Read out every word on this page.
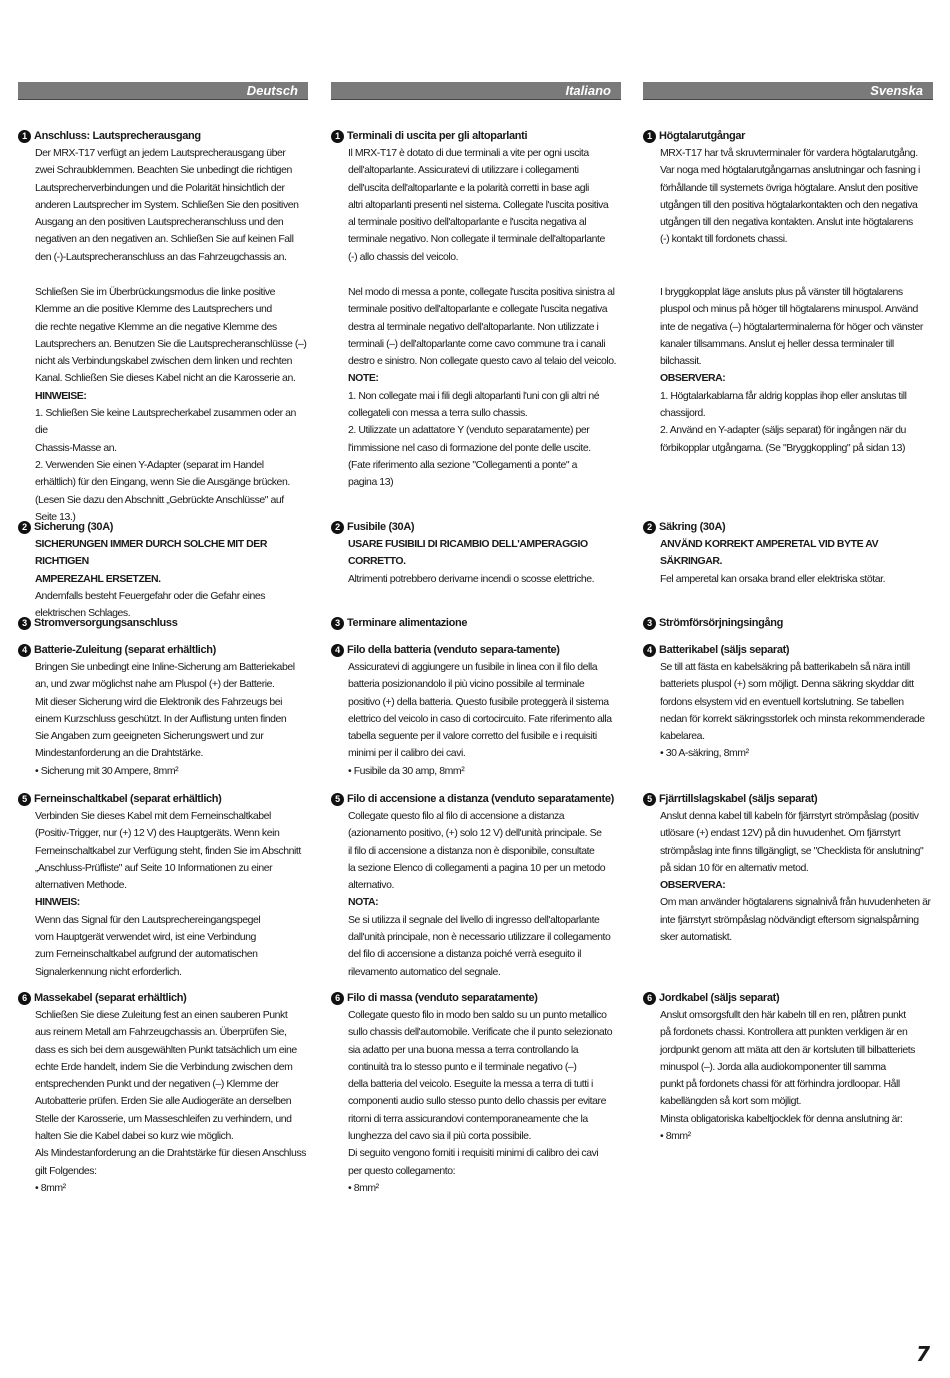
Deutsch
1 Anschluss: Lautsprecherausgang

Der MRX-T17 verfügt an jedem Lautsprecherausgang über
zwei Schraubklemmen. Beachten Sie unbedingt die richtigen
Lautsprecherverbindungen und die Polarität hinsichtlich der
anderen Lautsprecher im System. Schließen Sie den positiven
Ausgang an den positiven Lautsprecheranschluss und den
negativen an den negativen an. Schließen Sie auf keinen Fall
den (-)-Lautsprecheranschluss an das Fahrzeugchassis an.

Schließen Sie im Überbrückungsmodus die linke positive
Klemme an die positive Klemme des Lautsprechers und
die rechte negative Klemme an die negative Klemme des
Lautsprechers an. Benutzen Sie die Lautsprecheranschlüsse (–)
nicht als Verbindungskabel zwischen dem linken und rechten
Kanal. Schließen Sie dieses Kabel nicht an die Karosserie an.

HINWEISE:

1. Schließen Sie keine Lautsprecherkabel zusammen oder an die
Chassis-Masse an.
2. Verwenden Sie einen Y-Adapter (separat im Handel
erhältlich) für den Eingang, wenn Sie die Ausgänge brücken.
(Lesen Sie dazu den Abschnitt „Gebrückte Anschlüsse" auf
Seite 13.)

2 Sicherung (30A)

SICHERUNGEN IMMER DURCH SOLCHE MIT DER RICHTIGEN
AMPEREZAHL ERSETZEN.

Andernfalls besteht Feuergefahr oder die Gefahr eines
elektrischen Schlages.

3 Stromversorgungsanschluss
4 Batterie-Zuleitung (separat erhältlich)

Bringen Sie unbedingt eine Inline-Sicherung am Batteriekabel
an, und zwar möglichst nahe am Pluspol (+) der Batterie.
Mit dieser Sicherung wird die Elektronik des Fahrzeugs bei
einem Kurzschluss geschützt. In der Auflistung unten finden
Sie Angaben zum geeigneten Sicherungswert und zur
Mindestanforderung an die Drahtstärke.
• Sicherung mit 30 Ampere, 8mm²

5 Ferneinschaltkabel (separat erhältlich)

Verbinden Sie dieses Kabel mit dem Ferneinschaltkabel
(Positiv-Trigger, nur (+) 12 V) des Hauptgeräts. Wenn kein
Ferneinschaltkabel zur Verfügung steht, finden Sie im Abschnitt
„Anschluss-Prüfliste" auf Seite 10 Informationen zu einer
alternativen Methode.

HINWEIS:

Wenn das Signal für den Lautsprechereingangspegel
vom Hauptgerät verwendet wird, ist eine Verbindung
zum Ferneinschaltkabel aufgrund der automatischen
Signalerkennung nicht erforderlich.

6 Massekabel (separat erhältlich)

Schließen Sie diese Zuleitung fest an einen sauberen Punkt
aus reinem Metall am Fahrzeugchassis an. Überprüfen Sie,
dass es sich bei dem ausgewählten Punkt tatsächlich um eine
echte Erde handelt, indem Sie die Verbindung zwischen dem
entsprechenden Punkt und der negativen (–) Klemme der
Autobatterie prüfen. Erden Sie alle Audiogeräte an derselben
Stelle der Karosserie, um Masseschleifen zu verhindern, und
halten Sie die Kabel dabei so kurz wie möglich.
Als Mindestanforderung an die Drahtstärke für diesen Anschluss
gilt Folgendes:
• 8mm²

Italiano
1 Terminali di uscita per gli altoparlanti

Il MRX-T17 è dotato di due terminali a vite per ogni uscita
dell'altoparlante. Assicuratevi di utilizzare i collegamenti
dell'uscita dell'altoparlante e la polarità corretti in base agli
altri altoparlanti presenti nel sistema. Collegate l'uscita positiva
al terminale positivo dell'altoparlante e l'uscita negativa al
terminale negativo. Non collegate il terminale dell'altoparlante
(-) allo chassis del veicolo.

Nel modo di messa a ponte, collegate l'uscita positiva sinistra al
terminale positivo dell'altoparlante e collegate l'uscita negativa
destra al terminale negativo dell'altoparlante. Non utilizzate i
terminali (–) dell'altoparlante come cavo commune tra i canali
destro e sinistro. Non collegate questo cavo al telaio del veicolo.

NOTE:

1. Non collegate mai i fili degli altoparlanti l'uni con gli altri né
collegateli con messa a terra sullo chassis.
2. Utilizzate un adattatore Y (venduto separatamente) per
l'immissione nel caso di formazione del ponte delle uscite.
(Fate riferimento alla sezione "Collegamenti a ponte" a
pagina 13)

2 Fusibile (30A)

USARE FUSIBILI DI RICAMBIO DELL'AMPERAGGIO
CORRETTO.

Altrimenti potrebbero derivarne incendi o scosse elettriche.

3 Terminare alimentazione
4 Filo della batteria (venduto separa-tamente)

Assicuratevi di aggiungere un fusibile in linea con il filo della
batteria posizionandolo il più vicino possibile al terminale
positivo (+) della batteria. Questo fusibile proteggerà il sistema
elettrico del veicolo in caso di cortocircuito. Fate riferimento alla
tabella seguente per il valore corretto del fusibile e i requisiti
minimi per il calibro dei cavi.
• Fusibile da 30 amp, 8mm²

5 Filo di accensione a distanza (venduto separatamente)

Collegate questo filo al filo di accensione a distanza
(azionamento positivo, (+) solo 12 V) dell'unità principale. Se
il filo di accensione a distanza non è disponibile, consultate
la sezione Elenco di collegamenti a pagina 10 per un metodo
alternativo.

NOTA:

Se si utilizza il segnale del livello di ingresso dell'altoparlante
dall'unità principale, non è necessario utilizzare il collegamento
del filo di accensione a distanza poiché verrà eseguito il
rilevamento automatico del segnale.

6 Filo di massa (venduto separatamente)

Collegate questo filo in modo ben saldo su un punto metallico
sullo chassis dell'automobile. Verificate che il punto selezionato
sia adatto per una buona messa a terra controllando la
continuità tra lo stesso punto e il terminale negativo (–)
della batteria del veicolo. Eseguite la messa a terra di tutti i
componenti audio sullo stesso punto dello chassis per evitare
ritorni di terra assicurandovi contemporaneamente che la
lunghezza del cavo sia il più corta possibile.
Di seguito vengono forniti i requisiti minimi di calibro dei cavi
per questo collegamento:
• 8mm²

Svenska
1 Högtalarutgångar

MRX-T17 har två skruvterminaler för vardera högtalarutgång.
Var noga med högtalarutgångarnas anslutningar och fasning i
förhållande till systemets övriga högtalare. Anslut den positive
utgången till den positiva högtalarkontakten och den negativa
utgången till den negativa kontakten. Anslut inte högtalarens
(-) kontakt till fordonets chassi.

I bryggkopplat läge ansluts plus på vänster till högtalarens
pluspol och minus på höger till högtalarens minuspol. Använd
inte de negativa (–) högtalarterminalerna för höger och vänster
kanaler tillsammans. Anslut ej heller dessa terminaler till
bilchassit.

OBSERVERA:

1. Högtalarkablarna får aldrig kopplas ihop eller anslutas till
chassijord.
2. Använd en Y-adapter (säljs separat) för ingången när du
förbikopplar utgångarna. (Se "Bryggkoppling" på sidan 13)

2 Säkring (30A)

ANVÄND KORREKT AMPERETAL VID BYTE AV SÄKRINGAR.

Fel amperetal kan orsaka brand eller elektriska stötar.

3 Strömförsörjningsingång
4 Batterikabel (säljs separat)

Se till att fästa en kabelsäkring på batterikabeln så nära intill
batteriets pluspol (+) som möjligt. Denna säkring skyddar ditt
fordons elsystem vid en eventuell kortslutning. Se tabellen
nedan för korrekt säkringsstorlek och minsta rekommenderade
kabelarea.
• 30 A-säkring, 8mm²

5 Fjärrtillslagskabel (säljs separat)

Anslut denna kabel till kabeln för fjärrstyrt strömpåslag (positiv
utlösare (+) endast 12V) på din huvudenhet. Om fjärrstyrt
strömpåslag inte finns tillgängligt, se "Checklista för anslutning"
på sidan 10 för en alternativ metod.

OBSERVERA:

Om man använder högtalarens signalnivå från huvudenheten är
inte fjärrstyrt strömpåslag nödvändigt eftersom signalspårning
sker automatiskt.

6 Jordkabel (säljs separat)

Anslut omsorgsfullt den här kabeln till en ren, plåtren punkt
på fordonets chassi. Kontrollera att punkten verkligen är en
jordpunkt genom att mäta att den är kortsluten till bilbatteriets
minuspol (–). Jorda alla audiokomponenter till samma
punkt på fordonets chassi för att förhindra jordloopar. Håll
kabellängden så kort som möjligt.
Minsta obligatoriska kabeltjocklek för denna anslutning är:
• 8mm²

7
